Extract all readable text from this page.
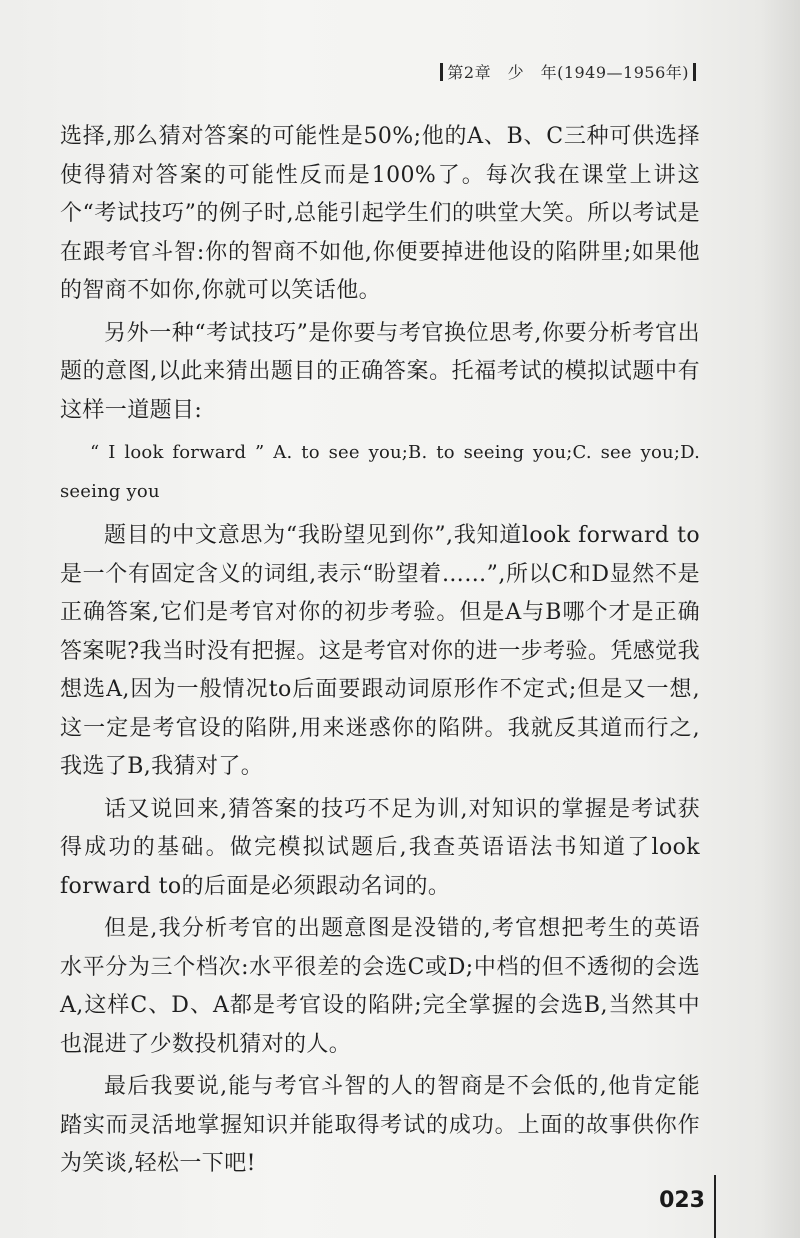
第2章　少　年(1949—1956年)

选择,那么猜对答案的可能性是50%;他的A、B、C三种可供选择使得猜对答案的可能性反而是100%了。每次我在课堂上讲这个“考试技巧”的例子时,总能引起学生们的哄堂大笑。所以考试是在跟考官斗智:你的智商不如他,你便要掉进他设的陷阱里;如果他的智商不如你,你就可以笑话他。

另外一种“考试技巧”是你要与考官换位思考,你要分析考官出题的意图,以此来猜出题目的正确答案。托福考试的模拟试题中有这样一道题目:

“ I look forward ” A. to see you;B. to seeing you;C. see you;D. seeing you

题目的中文意思为“我盼望见到你”,我知道look forward to是一个有固定含义的词组,表示“盼望着……”,所以C和D显然不是正确答案,它们是考官对你的初步考验。但是A与B哪个才是正确答案呢?我当时没有把握。这是考官对你的进一步考验。凭感觉我想选A,因为一般情况to后面要跟动词原形作不定式;但是又一想,这一定是考官设的陷阱,用来迷惑你的陷阱。我就反其道而行之,我选了B,我猜对了。

话又说回来,猜答案的技巧不足为训,对知识的掌握是考试获得成功的基础。做完模拟试题后,我查英语语法书知道了look forward to的后面是必须跟动名词的。

但是,我分析考官的出题意图是没错的,考官想把考生的英语水平分为三个档次:水平很差的会选C或D;中档的但不透彻的会选A,这样C、D、A都是考官设的陷阱;完全掌握的会选B,当然其中也混进了少数投机猜对的人。

最后我要说,能与考官斗智的人的智商是不会低的,他肯定能踏实而灵活地掌握知识并能取得考试的成功。上面的故事供你作为笑谈,轻松一下吧!

023
